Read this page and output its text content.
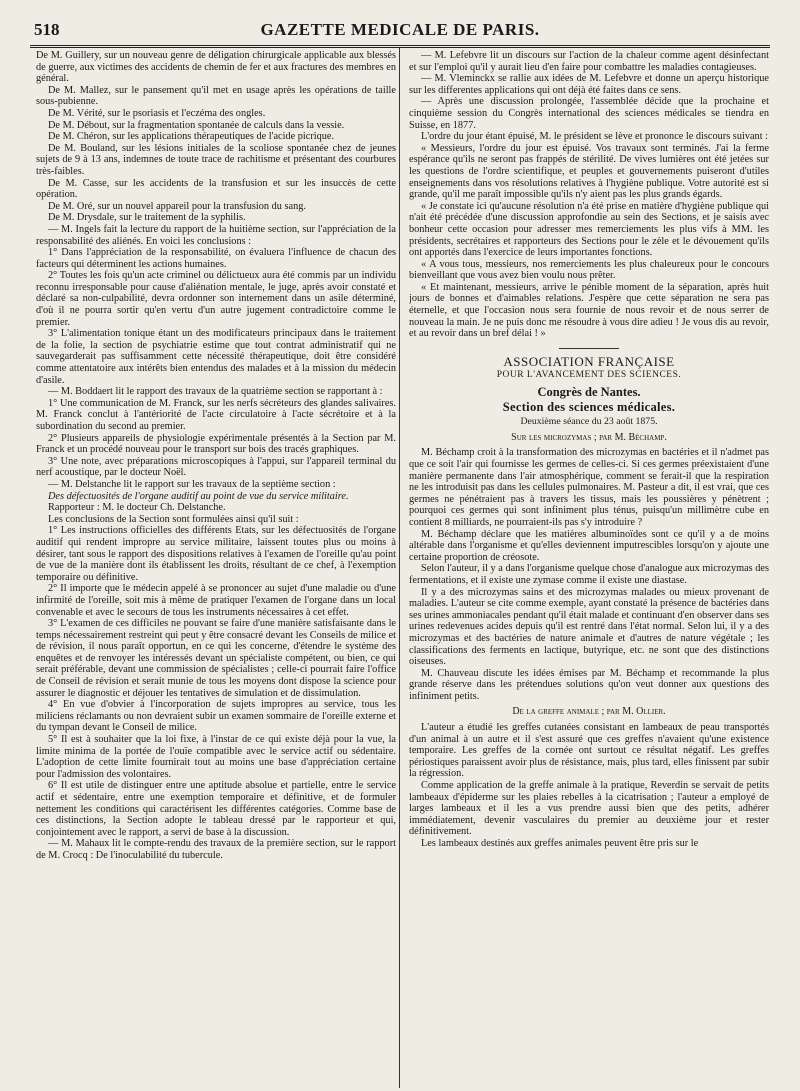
518	GAZETTE MEDICALE DE PARIS.

De M. Guillery, sur un nouveau genre de déligation chirurgicale applicable aux blessés de guerre, aux victimes des accidents de chemin de fer et aux fractures des membres en général.

De M. Mallez, sur le pansement qu'il met en usage après les opérations de taille sous-pubienne.

De M. Vérité, sur le psoriasis et l'eczéma des ongles.

De M. Débout, sur la fragmentation spontanée de calculs dans la vessie.

De M. Chéron, sur les applications thérapeutiques de l'acide picrique.

De M. Bouland, sur les lésions initiales de la scoliose spontanée chez de jeunes sujets de 9 à 13 ans, indemnes de toute trace de rachitisme et présentant des courbures très-faibles.

De M. Casse, sur les accidents de la transfusion et sur les insuccès de cette opération.

De M. Oré, sur un nouvel appareil pour la transfusion du sang.

De M. Drysdale, sur le traitement de la syphilis.

— M. Ingels fait la lecture du rapport de la huitième section, sur l'appréciation de la responsabilité des aliénés. En voici les conclusions :

1° Dans l'appréciation de la responsabilité, on évaluera l'influence de chacun des facteurs qui déterminent les actions humaines.

2° Toutes les fois qu'un acte criminel ou délictueux aura été commis par un individu reconnu irresponsable pour cause d'aliénation mentale, le juge, après avoir constaté et déclaré sa non-culpabilité, devra ordonner son internement dans un asile déterminé, d'où il ne pourra sortir qu'en vertu d'un autre jugement contradictoire comme le premier.

3° L'alimentation tonique étant un des modificateurs principaux dans le traitement de la folie, la section de psychiatrie estime que tout contrat administratif qui ne sauvegarderait pas suffisamment cette nécessité thérapeutique, doit être considéré comme attentatoire aux intérêts bien entendus des malades et à la mission du médecin d'asile.

— M. Boddaert lit le rapport des travaux de la quatrième section se rapportant à :

1° Une communication de M. Franck, sur les nerfs sécréteurs des glandes salivaires. M. Franck conclut à l'antériorité de l'acte circulatoire à l'acte sécrétoire et à la subordination du second au premier.

2° Plusieurs appareils de physiologie expérimentale présentés à la Section par M. Franck et un procédé nouveau pour le transport sur bois des tracés graphiques.

3° Une note, avec préparations microscopiques à l'appui, sur l'appareil terminal du nerf acoustique, par le docteur Noël.

— M. Delstanche lit le rapport sur les travaux de la septième section :

Des défectuosités de l'organe auditif au point de vue du service militaire.

Rapporteur : M. le docteur Ch. Delstanche.

Les conclusions de la Section sont formulées ainsi qu'il suit :

1° Les instructions officielles des différents Etats, sur les défectuosités de l'organe auditif qui rendent impropre au service militaire, laissent toutes plus ou moins à désirer, tant sous le rapport des dispositions relatives à l'examen de l'oreille qu'au point de vue de la manière dont ils établissent les droits, résultant de ce chef, à l'exemption temporaire ou définitive.

2° Il importe que le médecin appelé à se prononcer au sujet d'une maladie ou d'une infirmité de l'oreille, soit mis à même de pratiquer l'examen de l'organe dans un local convenable et avec le secours de tous les instruments nécessaires à cet effet.

3° L'examen de ces difficiles ne pouvant se faire d'une manière satisfaisante dans le temps nécessairement restreint qui peut y être consacré devant les Conseils de milice et de révision, il nous paraît opportun, en ce qui les concerne, d'étendre le système des enquêtes et de renvoyer les intéressés devant un spécialiste compétent, ou bien, ce qui serait préférable, devant une commission de spécialistes ; celle-ci pourrait faire l'office de Conseil de révision et serait munie de tous les moyens dont dispose la science pour assurer le diagnostic et déjouer les tentatives de simulation et de dissimulation.

4° En vue d'obvier à l'incorporation de sujets impropres au service, tous les miliciens réclamants ou non devraient subir un examen sommaire de l'oreille externe et du tympan devant le Conseil de milice.

5° Il est à souhaiter que la loi fixe, à l'instar de ce qui existe déjà pour la vue, la limite minima de la portée de l'ouïe compatible avec le service actif ou sédentaire. L'adoption de cette limite fournirait tout au moins une base d'appréciation certaine pour l'admission des volontaires.

6° Il est utile de distinguer entre une aptitude absolue et partielle, entre le service actif et sédentaire, entre une exemption temporaire et définitive, et de formuler nettement les conditions qui caractérisent les différentes catégories. Comme base de ces distinctions, la Section adopte le tableau dressé par le rapporteur et qui, conjointement avec le rapport, a servi de base à la discussion.

— M. Mahaux lit le compte-rendu des travaux de la première section, sur le rapport de M. Crocq : De l'inoculabilité du tubercule.

— M. Lefebvre lit un discours sur l'action de la chaleur comme agent désinfectant et sur l'emploi qu'il y aurait lieu d'en faire pour combattre les maladies contagieuses.

— M. Vleminckx se rallie aux idées de M. Lefebvre et donne un aperçu historique sur les differentes applications qui ont déjà été faites dans ce sens.

— Après une discussion prolongée, l'assemblée décide que la prochaine et cinquième session du Congrès international des sciences médicales se tiendra en Suisse, en 1877.

L'ordre du jour étant épuisé, M. le président se lève et prononce le discours suivant :

« Messieurs, l'ordre du jour est épuisé. Vos travaux sont terminés. J'ai la ferme espérance qu'ils ne seront pas frappés de stérilité. De vives lumières ont été jetées sur les questions de l'ordre scientifique, et peuples et gouvernements puiseront d'utiles enseignements dans vos résolutions relatives à l'hygiène publique. Votre autorité est si grande, qu'il me paraît impossible qu'ils n'y aient pas les plus grands égards.

« Je constate ici qu'aucune résolution n'a été prise en matière d'hygiène publique qui n'ait été précédée d'une discussion approfondie au sein des Sections, et je saisis avec bonheur cette occasion pour adresser mes remerciements les plus vifs à MM. les présidents, secrétaires et rapporteurs des Sections pour le zèle et le dévouement qu'ils ont apportés dans l'exercice de leurs importantes fonctions.

« A vous tous, messieurs, nos remerciements les plus chaleureux pour le concours bienveillant que vous avez bien voulu nous prêter.

« Et maintenant, messieurs, arrive le pénible moment de la séparation, après huit jours de bonnes et d'aimables relations. J'espère que cette séparation ne sera pas éternelle, et que l'occasion nous sera fournie de nous revoir et de nous serrer de nouveau la main. Je ne puis donc me résoudre à vous dire adieu ! Je vous dis au revoir, et au revoir dans un bref délai ! »

ASSOCIATION FRANÇAISE

POUR L'AVANCEMENT DES SCIENCES.

Congrès de Nantes.

Section des sciences médicales.

Deuxième séance du 23 août 1875.

Sur les microzymas ; par M. Béchamp.

M. Béchamp croit à la transformation des microzymas en bactéries et il n'admet pas que ce soit l'air qui fournisse les germes de celles-ci. Si ces germes préexistaient d'une manière permanente dans l'air atmosphérique, comment se ferait-il que la respiration ne les introduisit pas dans les cellules pulmonaires. M. Pasteur a dit, il est vrai, que ces germes ne pénétraient pas à travers les tissus, mais les poussières y pénètrent ; pourquoi ces germes qui sont infiniment plus ténus, puisqu'un millimètre cube en contient 8 milliards, ne pourraient-ils pas s'y introduire ?

M. Béchamp déclare que les matières albuminoïdes sont ce qu'il y a de moins altérable dans l'organisme et qu'elles deviennent imputrescibles lorsqu'on y ajoute une certaine proportion de créosote.

Selon l'auteur, il y a dans l'organisme quelque chose d'analogue aux microzymas des fermentations, et il existe une zymase comme il existe une diastase.

Il y a des microzymas sains et des microzymas malades ou mieux provenant de maladies. L'auteur se cite comme exemple, ayant constaté la présence de bactéries dans ses urines ammoniacales pendant qu'il était malade et continuant d'en observer dans ses urines redevenues acides depuis qu'il est rentré dans l'état normal. Selon lui, il y a des microzymas et des bactéries de nature animale et d'autres de nature végétale ; les classifications des ferments en lactique, butyrique, etc. ne sont que des distinctions oiseuses.

M. Chauveau discute les idées émises par M. Béchamp et recommande la plus grande réserve dans les prétendues solutions qu'on veut donner aux questions des infiniment petits.

De la greffe animale ; par M. Ollier.

L'auteur a étudié les greffes cutanées consistant en lambeaux de peau transportés d'un animal à un autre et il s'est assuré que ces greffes n'avaient qu'une existence temporaire. Les greffes de la cornée ont surtout ce résultat négatif. Les greffes périostiques paraissent avoir plus de résistance, mais, plus tard, elles finissent par subir la régression.

Comme application de la greffe animale à la pratique, Reverdin se servait de petits lambeaux d'épiderme sur les plaies rebelles à la cicatrisation ; l'auteur a employé de larges lambeaux et il les a vus prendre aussi bien que des petits, adhérer immédiatement, devenir vasculaires du premier au deuxième jour et rester définitivement.

Les lambeaux destinés aux greffes animales peuvent être pris sur le
